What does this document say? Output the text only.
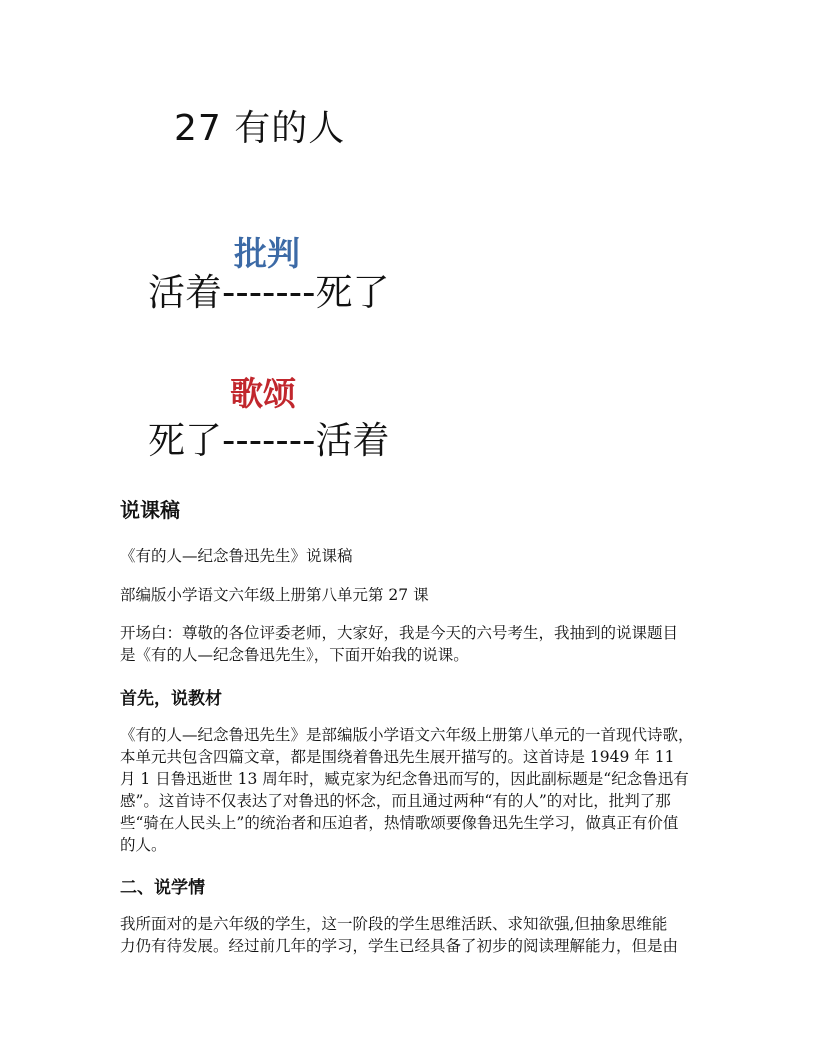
27 有的人
批判
活着-------死了
歌颂
死了-------活着
说课稿
《有的人—纪念鲁迅先生》说课稿
部编版小学语文六年级上册第八单元第 27 课
开场白：尊敬的各位评委老师，大家好，我是今天的六号考生，我抽到的说课题目
是《有的人—纪念鲁迅先生》，下面开始我的说课。
首先，说教材
《有的人—纪念鲁迅先生》是部编版小学语文六年级上册第八单元的一首现代诗歌，
本单元共包含四篇文章，都是围绕着鲁迅先生展开描写的。这首诗是 1949 年 11
月 1 日鲁迅逝世 13 周年时，臧克家为纪念鲁迅而写的，因此副标题是“纪念鲁迅有
感”。这首诗不仅表达了对鲁迅的怀念，而且通过两种“有的人”的对比，批判了那
些“骑在人民头上”的统治者和压迫者，热情歌颂要像鲁迅先生学习，做真正有价值
的人。
二、说学情
我所面对的是六年级的学生，这一阶段的学生思维活跃、求知欲强,但抽象思维能
力仍有待发展。经过前几年的学习，学生已经具备了初步的阅读理解能力，但是由
